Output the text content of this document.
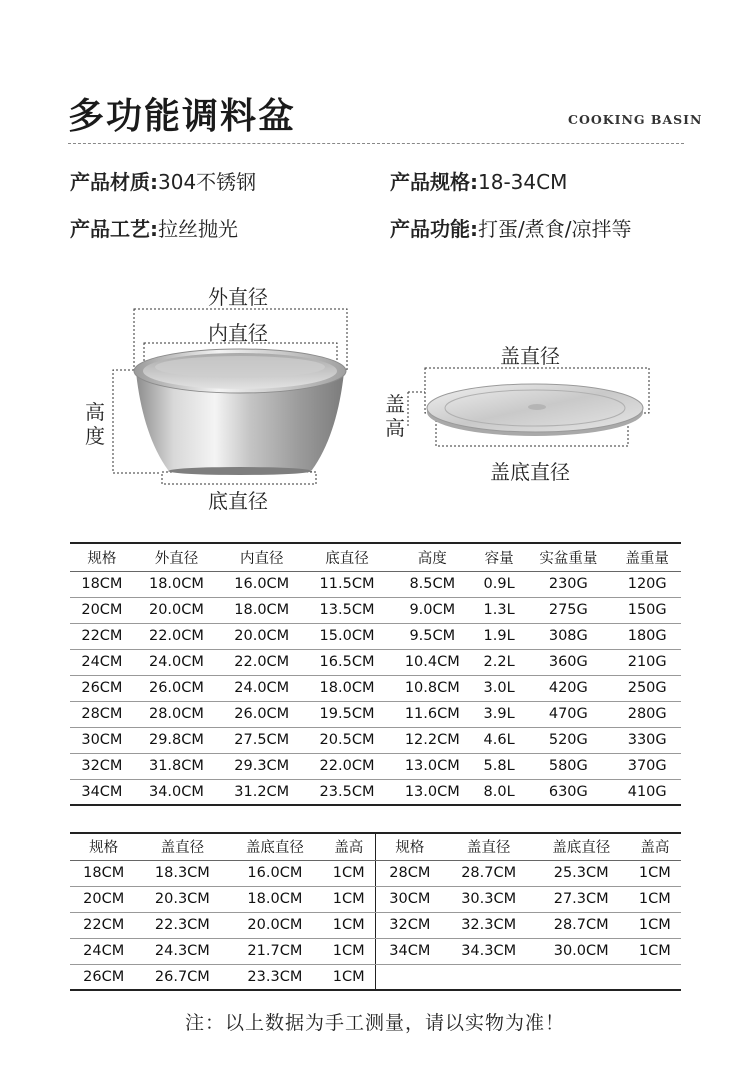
多功能调料盆	COOKING BASIN
产品材质:304不锈钢	产品规格:18-34CM
产品工艺:拉丝抛光	产品功能:打蛋/煮食/凉拌等
外直径
内直径
高度
底直径
盖直径
盖高
盖底直径
规格	外直径	内直径	底直径	高度	容量	实盆重量	盖重量
18CM	18.0CM	16.0CM	11.5CM	8.5CM	0.9L	230G	120G
20CM	20.0CM	18.0CM	13.5CM	9.0CM	1.3L	275G	150G
22CM	22.0CM	20.0CM	15.0CM	9.5CM	1.9L	308G	180G
24CM	24.0CM	22.0CM	16.5CM	10.4CM	2.2L	360G	210G
26CM	26.0CM	24.0CM	18.0CM	10.8CM	3.0L	420G	250G
28CM	28.0CM	26.0CM	19.5CM	11.6CM	3.9L	470G	280G
30CM	29.8CM	27.5CM	20.5CM	12.2CM	4.6L	520G	330G
32CM	31.8CM	29.3CM	22.0CM	13.0CM	5.8L	580G	370G
34CM	34.0CM	31.2CM	23.5CM	13.0CM	8.0L	630G	410G
规格	盖直径	盖底直径	盖高	规格	盖直径	盖底直径	盖高
18CM	18.3CM	16.0CM	1CM	28CM	28.7CM	25.3CM	1CM
20CM	20.3CM	18.0CM	1CM	30CM	30.3CM	27.3CM	1CM
22CM	22.3CM	20.0CM	1CM	32CM	32.3CM	28.7CM	1CM
24CM	24.3CM	21.7CM	1CM	34CM	34.3CM	30.0CM	1CM
26CM	26.7CM	23.3CM	1CM				
注：以上数据为手工测量，请以实物为准！
